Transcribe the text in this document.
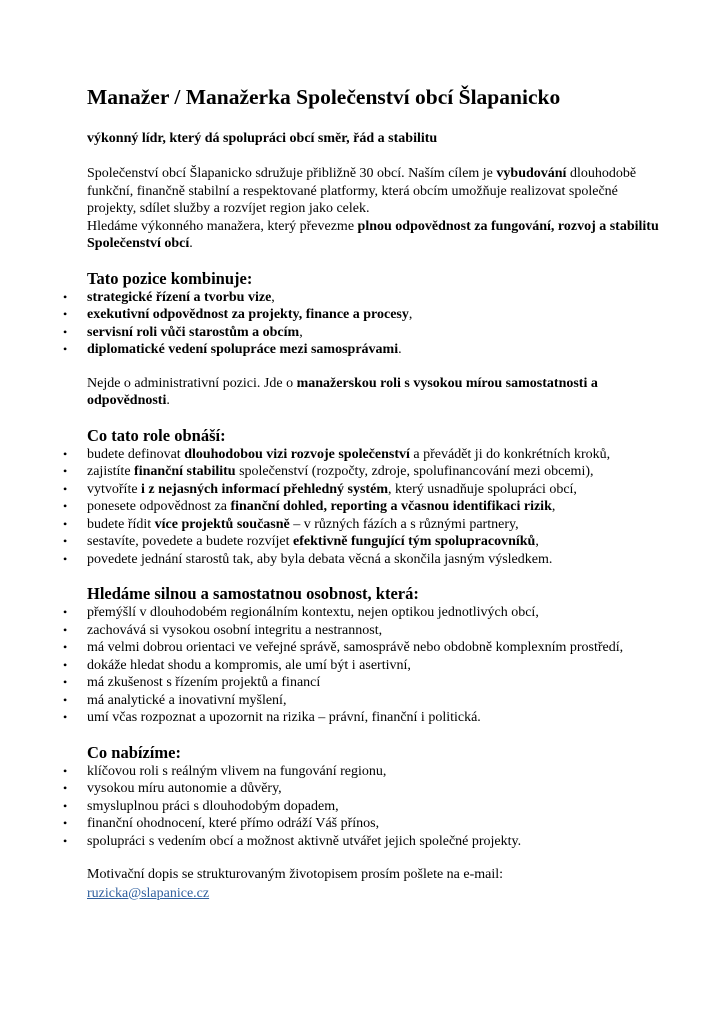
Manažer / Manažerka Společenství obcí Šlapanicko
výkonný lídr, který dá spolupráci obcí směr, řád a stabilitu

Společenství obcí Šlapanicko sdružuje přibližně 30 obcí. Naším cílem je vybudování dlouhodobě funkční, finančně stabilní a respektované platformy, která obcím umožňuje realizovat společné projekty, sdílet služby a rozvíjet region jako celek.

Hledáme výkonného manažera, který převezme plnou odpovědnost za fungování, rozvoj a stabilitu Společenství obcí.

Tato pozice kombinuje:
• strategické řízení a tvorbu vize,
• exekutivní odpovědnost za projekty, finance a procesy,
• servisní roli vůči starostům a obcím,
• diplomatické vedení spolupráce mezi samosprávami.

Nejde o administrativní pozici. Jde o manažerskou roli s vysokou mírou samostatnosti a odpovědnosti.

Co tato role obnáší:
• budete definovat dlouhodobou vizi rozvoje společenství a převádět ji do konkrétních kroků,
• zajistíte finanční stabilitu společenství (rozpočty, zdroje, spolufinancování mezi obcemi),
• vytvoříte i z nejasných informací přehledný systém, který usnadňuje spolupráci obcí,
• ponesete odpovědnost za finanční dohled, reporting a včasnou identifikaci rizik,
• budete řídit více projektů současně – v různých fázích a s různými partnery,
• sestavíte, povedete a budete rozvíjet efektivně fungující tým spolupracovníků,
• povedete jednání starostů tak, aby byla debata věcná a skončila jasným výsledkem.
Hledáme silnou a samostatnou osobnost, která:
• přemýšlí v dlouhodobém regionálním kontextu, nejen optikou jednotlivých obcí,
• zachovává si vysokou osobní integritu a nestrannost,
• má velmi dobrou orientaci ve veřejné správě, samosprávě nebo obdobně komplexním prostředí,
• dokáže hledat shodu a kompromis, ale umí být i asertivní,
• má zkušenost s řízením projektů a financí
• má analytické a inovativní myšlení,
• umí včas rozpoznat a upozornit na rizika – právní, finanční i politická.
Co nabízíme:
• klíčovou roli s reálným vlivem na fungování regionu,
• vysokou míru autonomie a důvěry,
• smysluplnou práci s dlouhodobým dopadem,
• finanční ohodnocení, které přímo odráží Váš přínos,
• spolupráci s vedením obcí a možnost aktivně utvářet jejich společné projekty.

Motivační dopis se strukturovaným životopisem prosím pošlete na e-mail:

ruzicka@slapanice.cz
